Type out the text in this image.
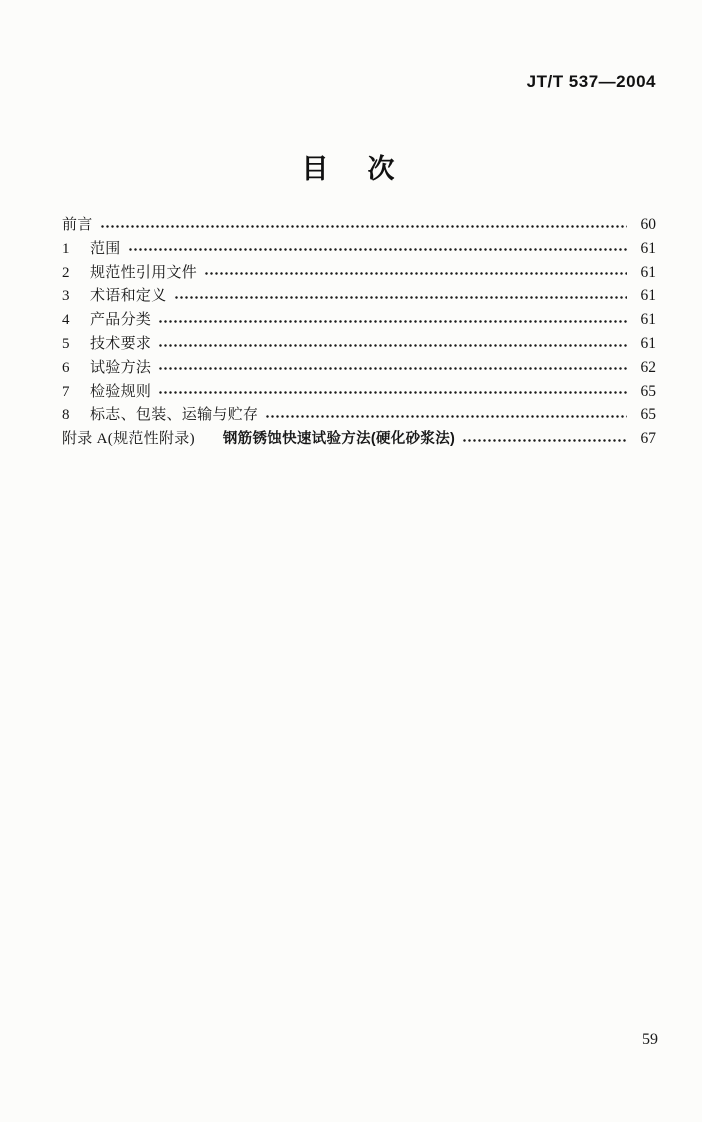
JT/T 537—2004
目　次
前言	60
1	范围	61
2	规范性引用文件	61
3	术语和定义	61
4	产品分类	61
5	技术要求	61
6	试验方法	62
7	检验规则	65
8	标志、包装、运输与贮存	65
附录 A(规范性附录) 钢筋锈蚀快速试验方法(硬化砂浆法)	67
59
